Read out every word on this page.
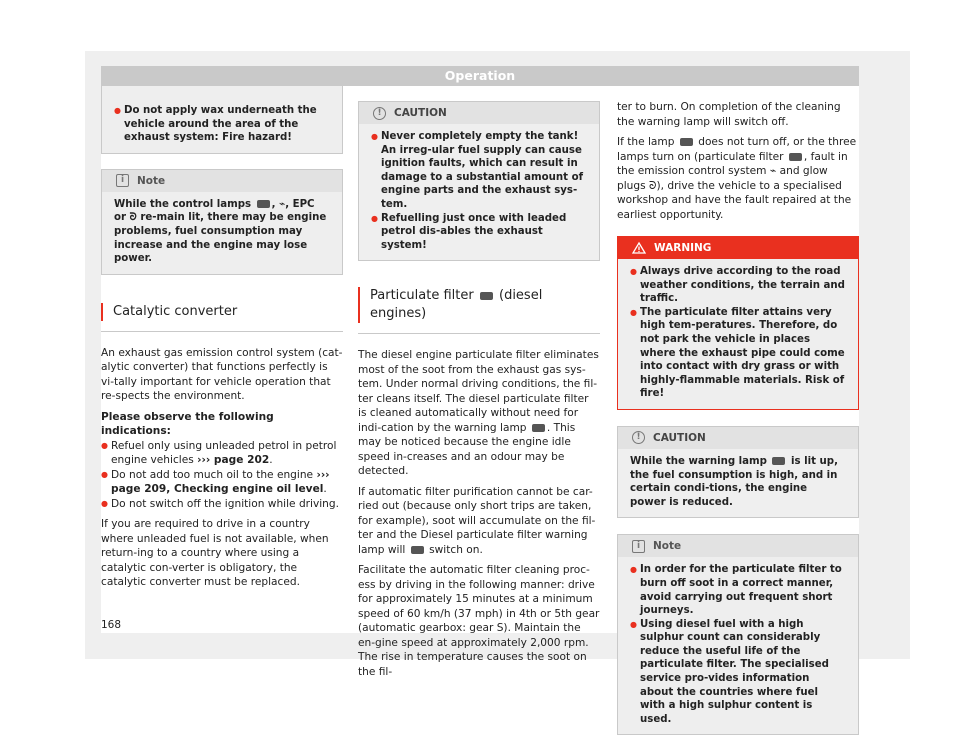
Operation
● Do not apply wax underneath the vehicle around the area of the exhaust system: Fire hazard!
i	Note
While the control lamps , ⌁, EPC or ᘐ re-main lit, there may be engine problems, fuel consumption may increase and the engine may lose power.
Catalytic converter

An exhaust gas emission control system (cat-alytic converter) that functions perfectly is vi-tally important for vehicle operation that re-spects the environment.

Please observe the following indications:

● Refuel only using unleaded petrol in petrol engine vehicles ››› page 202.
● Do not add too much oil to the engine ››› page 209, Checking engine oil level.
● Do not switch off the ignition while driving.

If you are required to drive in a country where unleaded fuel is not available, when return-ing to a country where using a catalytic con-verter is obligatory, the catalytic converter must be replaced.

!	CAUTION
● Never completely empty the tank! An irreg-ular fuel supply can cause ignition faults, which can result in damage to a substantial amount of engine parts and the exhaust sys-tem.
● Refuelling just once with leaded petrol dis-ables the exhaust system!
Particulate filter (diesel engines)

The diesel engine particulate filter eliminates most of the soot from the exhaust gas sys-tem. Under normal driving conditions, the fil-ter cleans itself. The diesel particulate filter is cleaned automatically without need for indi-cation by the warning lamp . This may be noticed because the engine idle speed in-creases and an odour may be detected.

If automatic filter purification cannot be car-ried out (because only short trips are taken, for example), soot will accumulate on the fil-ter and the Diesel particulate filter warning lamp will switch on.

Facilitate the automatic filter cleaning proc-ess by driving in the following manner: drive for approximately 15 minutes at a minimum speed of 60 km/h (37 mph) in 4th or 5th gear (automatic gearbox: gear S). Maintain the en-gine speed at approximately 2,000 rpm. The rise in temperature causes the soot on the fil-

ter to burn. On completion of the cleaning the warning lamp will switch off.

If the lamp does not turn off, or the three lamps turn on (particulate filter , fault in the emission control system ⌁ and glow plugs ᘐ), drive the vehicle to a specialised workshop and have the fault repaired at the earliest opportunity.

WARNING
● Always drive according to the road weather conditions, the terrain and traffic.
● The particulate filter attains very high tem-peratures. Therefore, do not park the vehicle in places where the exhaust pipe could come into contact with dry grass or with highly-flammable materials. Risk of fire!
!	CAUTION
While the warning lamp is lit up, the fuel consumption is high, and in certain condi-tions, the engine power is reduced.
i	Note
● In order for the particulate filter to burn off soot in a correct manner, avoid carrying out frequent short journeys.
● Using diesel fuel with a high sulphur count can considerably reduce the useful life of the particulate filter. The specialised service pro-vides information about the countries where fuel with a high sulphur content is used.
168
